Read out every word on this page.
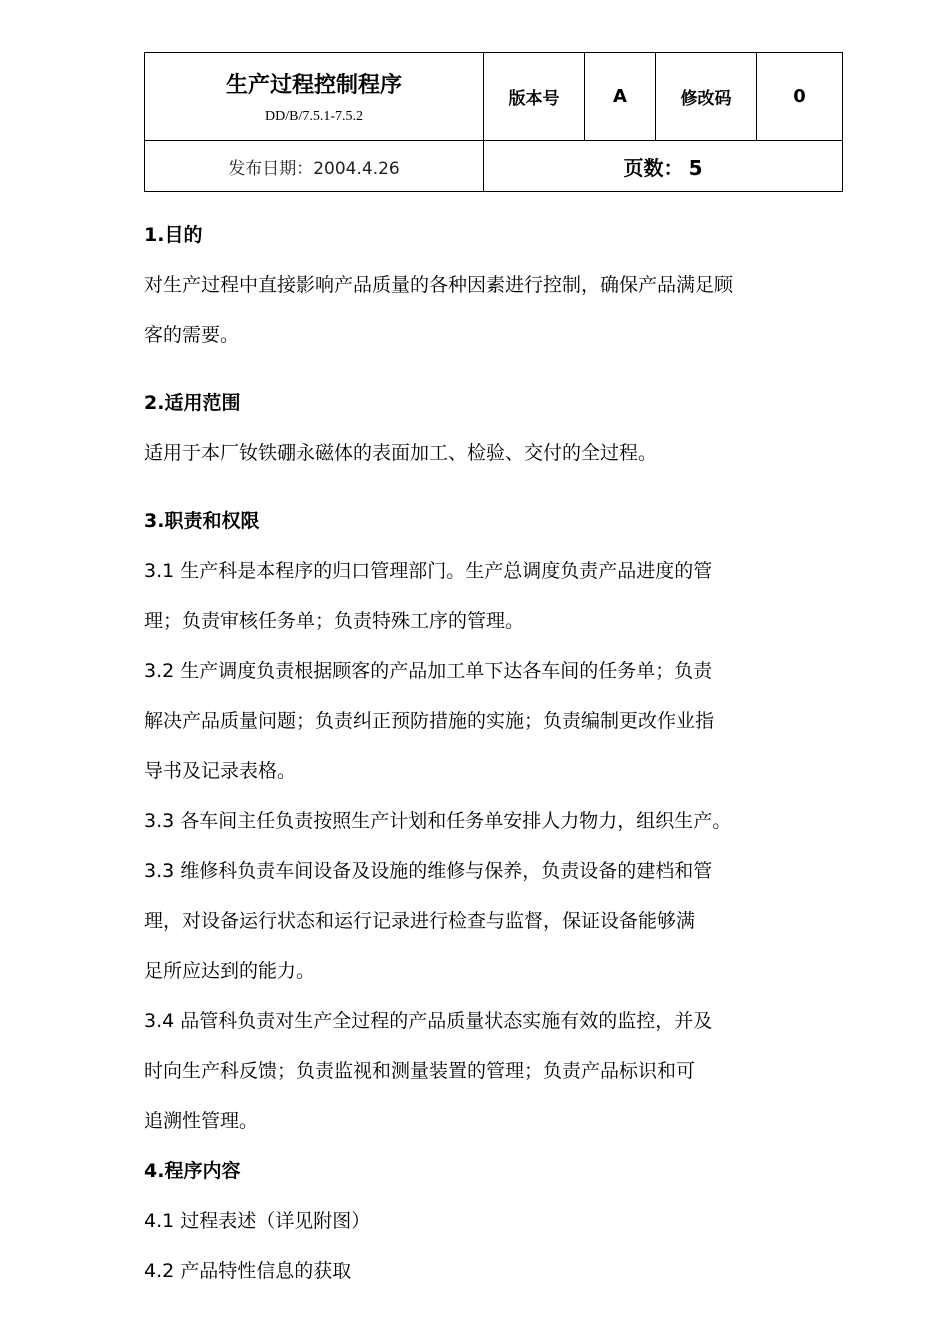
生产过程控制程序
DD/B/7.5.1-7.5.2	版本号	A	修改码	0
发布日期：2004.4.26	页数： 5			
1.目的
对生产过程中直接影响产品质量的各种因素进行控制，确保产品满足顾
客的需要。
2.适用范围
适用于本厂钕铁硼永磁体的表面加工、检验、交付的全过程。
3.职责和权限
3.1 生产科是本程序的归口管理部门。生产总调度负责产品进度的管
理；负责审核任务单；负责特殊工序的管理。
3.2 生产调度负责根据顾客的产品加工单下达各车间的任务单；负责
解决产品质量问题；负责纠正预防措施的实施；负责编制更改作业指
导书及记录表格。
3.3 各车间主任负责按照生产计划和任务单安排人力物力，组织生产。
3.3 维修科负责车间设备及设施的维修与保养，负责设备的建档和管
理，对设备运行状态和运行记录进行检查与监督，保证设备能够满
足所应达到的能力。
3.4 品管科负责对生产全过程的产品质量状态实施有效的监控，并及
时向生产科反馈；负责监视和测量装置的管理；负责产品标识和可
追溯性管理。
4.程序内容
4.1 过程表述（详见附图）
4.2 产品特性信息的获取
